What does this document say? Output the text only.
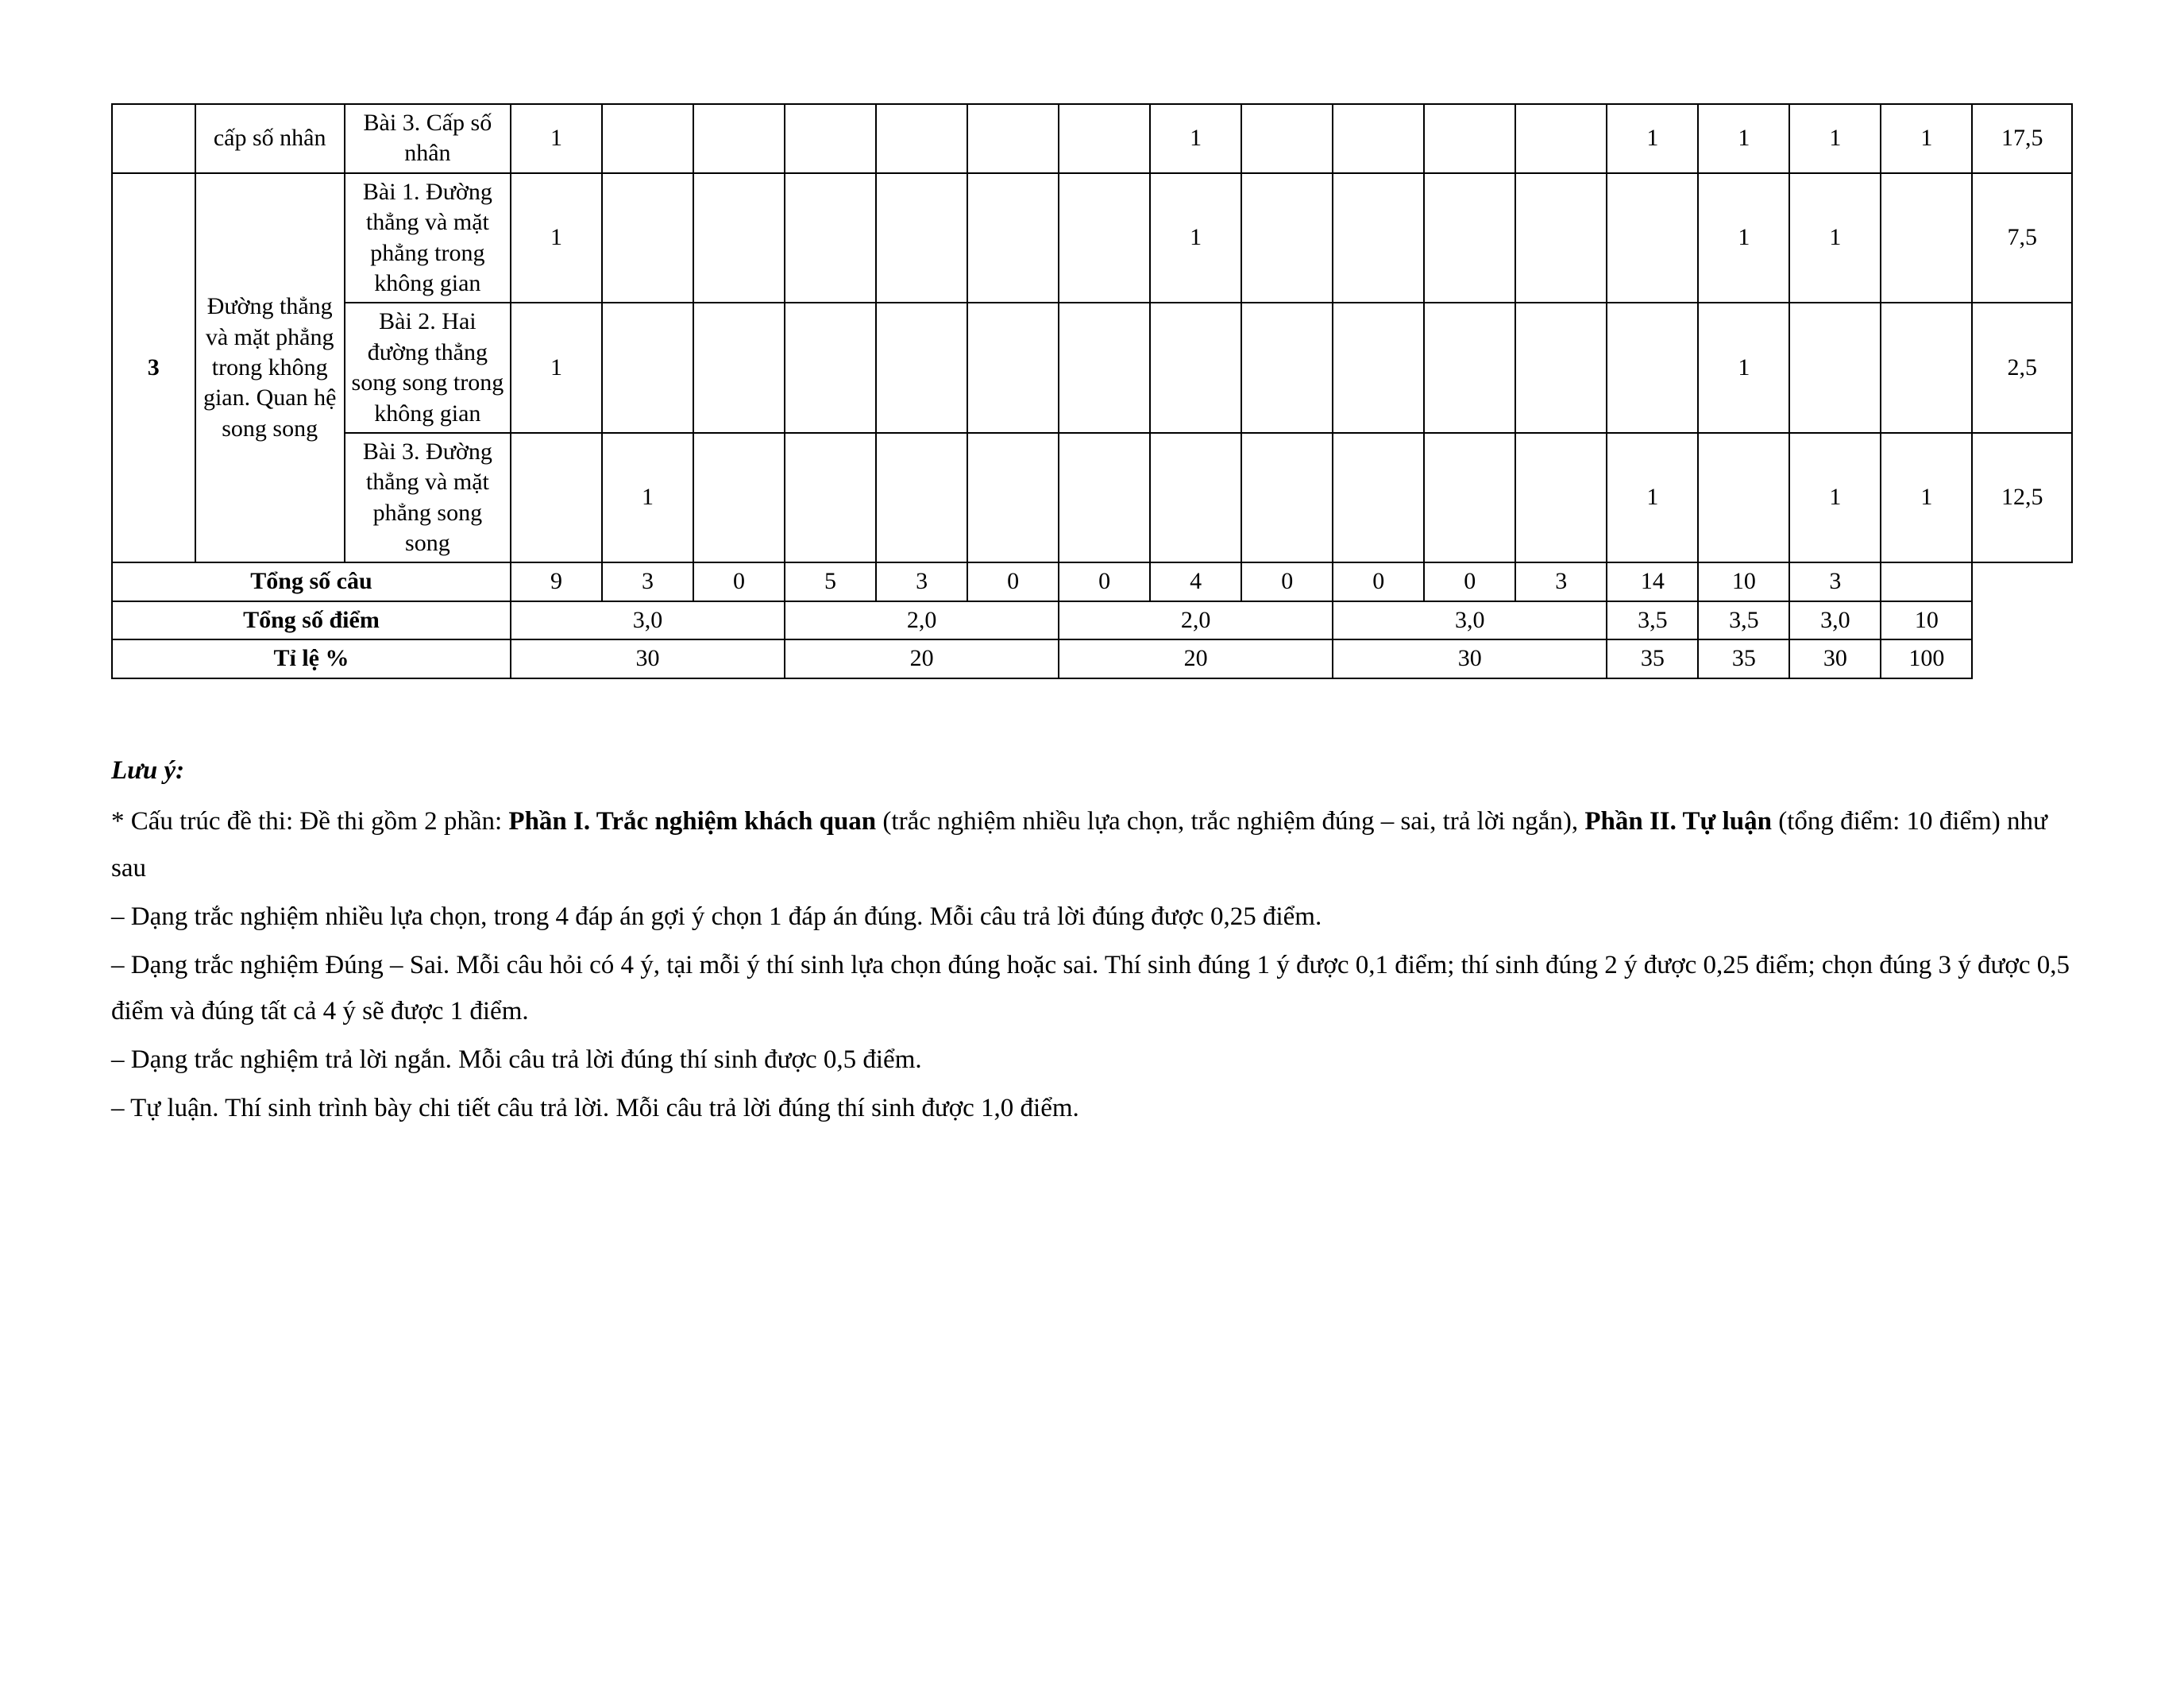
	cấp số nhân	Bài 3. Cấp số nhân	1							1					1	1	1	1	17,5
3	Đường thẳng và mặt phẳng trong không gian. Quan hệ song song	Bài 1. Đường thẳng và mặt phẳng trong không gian	1							1						1	1		7,5
		Bài 2. Hai đường thẳng song song trong không gian	1													1			2,5
		Bài 3. Đường thẳng và mặt phẳng song song		1											1		1	1	12,5
Tổng số câu			9	3	0	5	3	0	0	4	0	0	0	3	14	10	3		
Tổng số điểm			3,0			2,0			2,0			3,0			3,5	3,5	3,0	10	
Tỉ lệ %			30			20			20			30			35	35	30	100	

Lưu ý:

* Cấu trúc đề thi: Đề thi gồm 2 phần: Phần I. Trắc nghiệm khách quan (trắc nghiệm nhiều lựa chọn, trắc nghiệm đúng – sai, trả lời ngắn), Phần II. Tự luận (tổng điểm: 10 điểm) như sau

– Dạng trắc nghiệm nhiều lựa chọn, trong 4 đáp án gợi ý chọn 1 đáp án đúng. Mỗi câu trả lời đúng được 0,25 điểm.

– Dạng trắc nghiệm Đúng – Sai. Mỗi câu hỏi có 4 ý, tại mỗi ý thí sinh lựa chọn đúng hoặc sai. Thí sinh đúng 1 ý được 0,1 điểm; thí sinh đúng 2 ý được 0,25 điểm; chọn đúng 3 ý được 0,5 điểm và đúng tất cả 4 ý sẽ được 1 điểm.

– Dạng trắc nghiệm trả lời ngắn. Mỗi câu trả lời đúng thí sinh được 0,5 điểm.

– Tự luận. Thí sinh trình bày chi tiết câu trả lời. Mỗi câu trả lời đúng thí sinh được 1,0 điểm.
